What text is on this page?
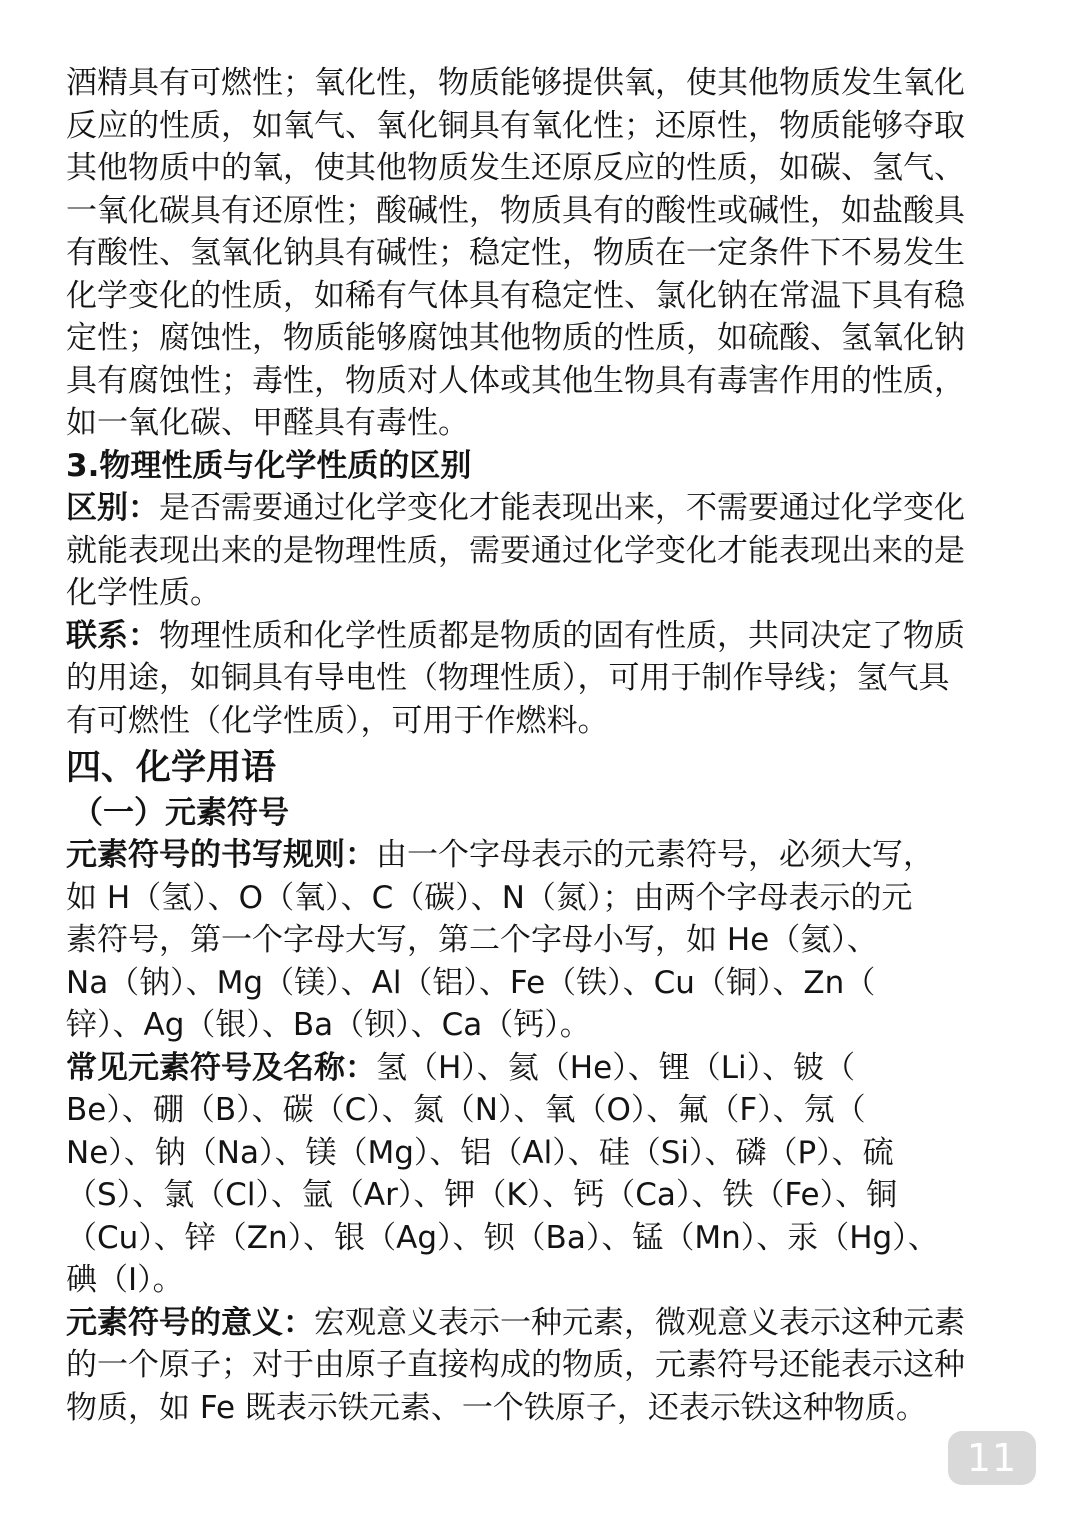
酒精具有可燃性；氧化性，物质能够提供氧，使其他物质发生氧化
反应的性质，如氧气、氧化铜具有氧化性；还原性，物质能够夺取
其他物质中的氧，使其他物质发生还原反应的性质，如碳、氢气、
一氧化碳具有还原性；酸碱性，物质具有的酸性或碱性，如盐酸具
有酸性、氢氧化钠具有碱性；稳定性，物质在一定条件下不易发生
化学变化的性质，如稀有气体具有稳定性、氯化钠在常温下具有稳
定性；腐蚀性，物质能够腐蚀其他物质的性质，如硫酸、氢氧化钠
具有腐蚀性；毒性，物质对人体或其他生物具有毒害作用的性质，
如一氧化碳、甲醛具有毒性。
3.物理性质与化学性质的区别
区别：是否需要通过化学变化才能表现出来，不需要通过化学变化
就能表现出来的是物理性质，需要通过化学变化才能表现出来的是
化学性质。
联系：物理性质和化学性质都是物质的固有性质，共同决定了物质
的用途，如铜具有导电性（物理性质），可用于制作导线；氢气具
有可燃性（化学性质），可用于作燃料。
四、化学用语
（一）元素符号
元素符号的书写规则：由一个字母表示的元素符号，必须大写，
如 H（氢）、O（氧）、C（碳）、N（氮）；由两个字母表示的元
素符号，第一个字母大写，第二个字母小写，如 He（氦）、
Na（钠）、Mg（镁）、Al（铝）、Fe（铁）、Cu（铜）、Zn（
锌）、Ag（银）、Ba（钡）、Ca（钙）。
常见元素符号及名称：氢（H）、氦（He）、锂（Li）、铍（
Be）、硼（B）、碳（C）、氮（N）、氧（O）、氟（F）、氖（
Ne）、钠（Na）、镁（Mg）、铝（Al）、硅（Si）、磷（P）、硫
（S）、氯（Cl）、氩（Ar）、钾（K）、钙（Ca）、铁（Fe）、铜
（Cu）、锌（Zn）、银（Ag）、钡（Ba）、锰（Mn）、汞（Hg）、
碘（I）。
元素符号的意义：宏观意义表示一种元素，微观意义表示这种元素
的一个原子；对于由原子直接构成的物质，元素符号还能表示这种
物质，如 Fe 既表示铁元素、一个铁原子，还表示铁这种物质。
11
